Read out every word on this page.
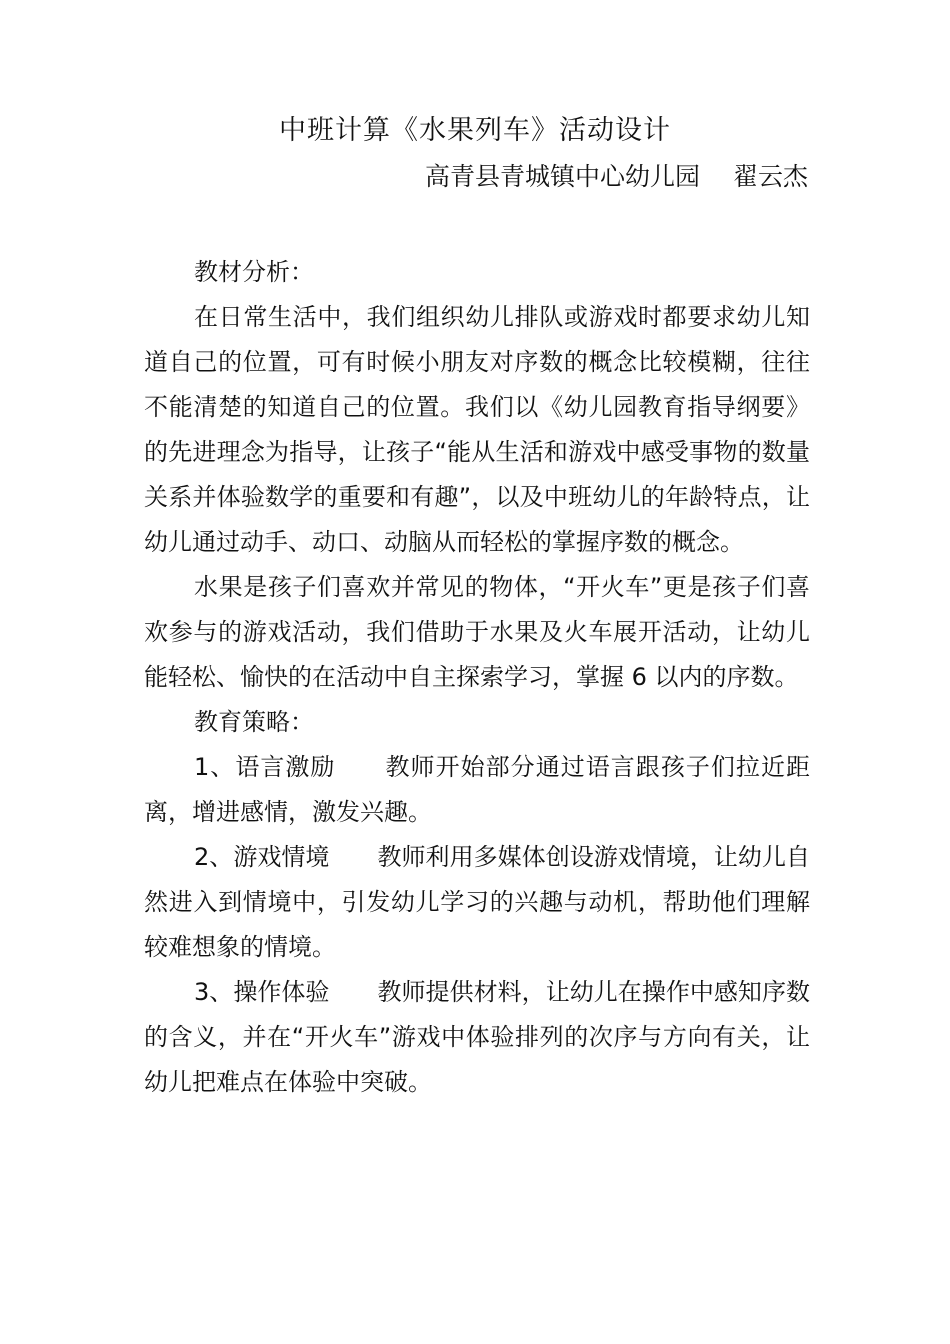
中班计算《水果列车》活动设计
高青县青城镇中心幼儿园　 翟云杰

教材分析：

在日常生活中，我们组织幼儿排队或游戏时都要求幼儿知道自己的位置，可有时候小朋友对序数的概念比较模糊，往往不能清楚的知道自己的位置。我们以《幼儿园教育指导纲要》的先进理念为指导，让孩子“能从生活和游戏中感受事物的数量关系并体验数学的重要和有趣”，以及中班幼儿的年龄特点，让幼儿通过动手、动口、动脑从而轻松的掌握序数的概念。

水果是孩子们喜欢并常见的物体，“开火车”更是孩子们喜欢参与的游戏活动，我们借助于水果及火车展开活动，让幼儿能轻松、愉快的在活动中自主探索学习，掌握 6 以内的序数。

教育策略：

1、语言激励　　教师开始部分通过语言跟孩子们拉近距离，增进感情，激发兴趣。

2、游戏情境　　教师利用多媒体创设游戏情境，让幼儿自然进入到情境中，引发幼儿学习的兴趣与动机，帮助他们理解较难想象的情境。

3、操作体验　　教师提供材料，让幼儿在操作中感知序数的含义，并在“开火车”游戏中体验排列的次序与方向有关，让幼儿把难点在体验中突破。
